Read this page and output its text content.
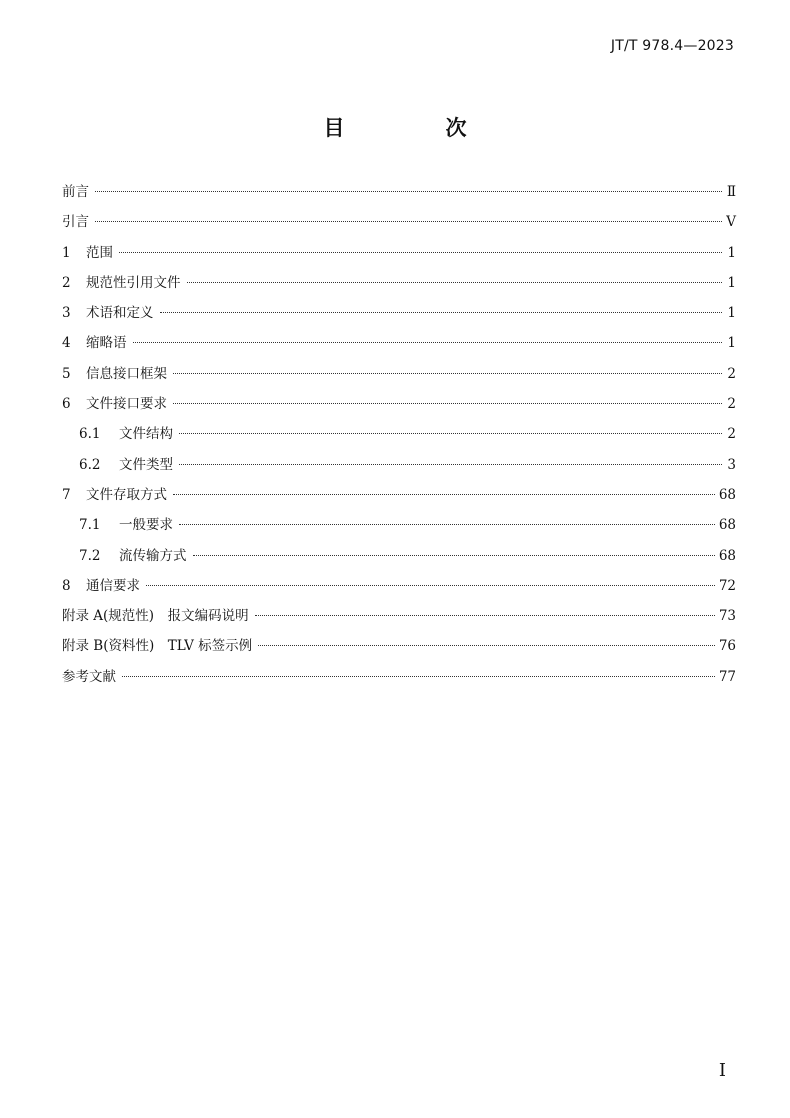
JT/T 978.4—2023
目　次
前言	Ⅱ
引言	Ⅴ
1	范围	1
2	规范性引用文件	1
3	术语和定义	1
4	缩略语	1
5	信息接口框架	2
6	文件接口要求	2
6.1	文件结构	2
6.2	文件类型	3
7	文件存取方式	68
7.1	一般要求	68
7.2	流传输方式	68
8	通信要求	72
附录 A(规范性)　报文编码说明	73
附录 B(资料性)　TLV 标签示例	76
参考文献	77
I
